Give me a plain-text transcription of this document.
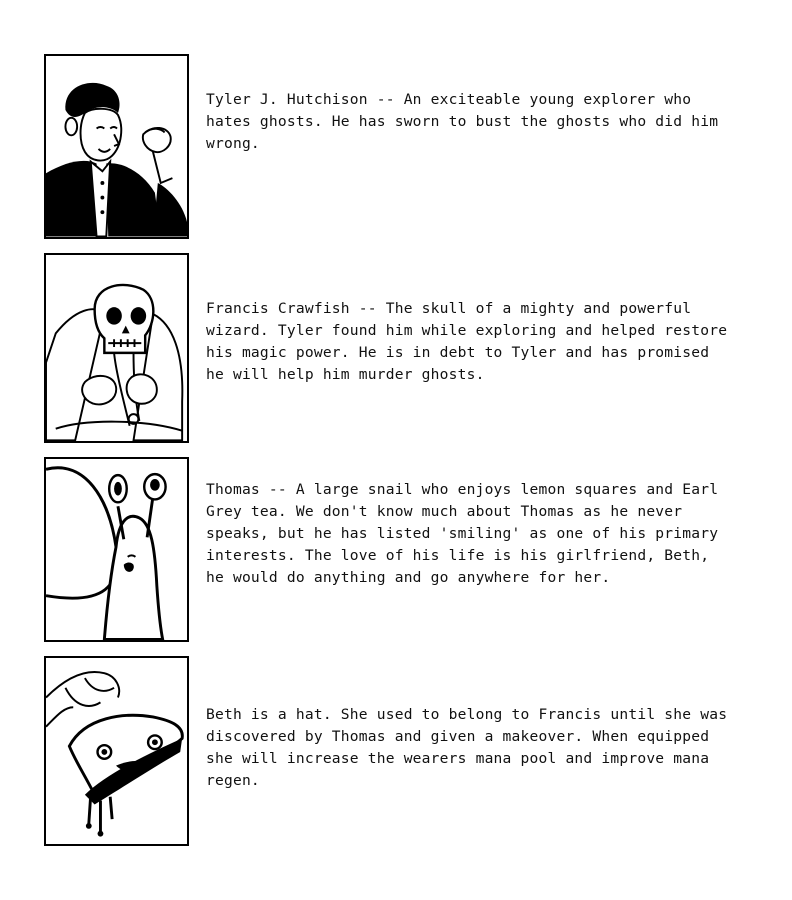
Tyler J. Hutchison -- An exciteable young explorer who hates ghosts. He has sworn to bust the ghosts who did him wrong.

Francis Crawfish -- The skull of a mighty and powerful wizard. Tyler found him while exploring and helped restore his magic power. He is in debt to Tyler and has promised he will help him murder ghosts.

Thomas -- A large snail who enjoys lemon squares and Earl Grey tea. We don't know much about Thomas as he never speaks, but he has listed 'smiling' as one of his primary interests. The love of his life is his girlfriend, Beth, he would do anything and go anywhere for her.

Beth is a hat. She used to belong to Francis until she was discovered by Thomas and given a makeover. When equipped she will increase the wearers mana pool and improve mana regen.
